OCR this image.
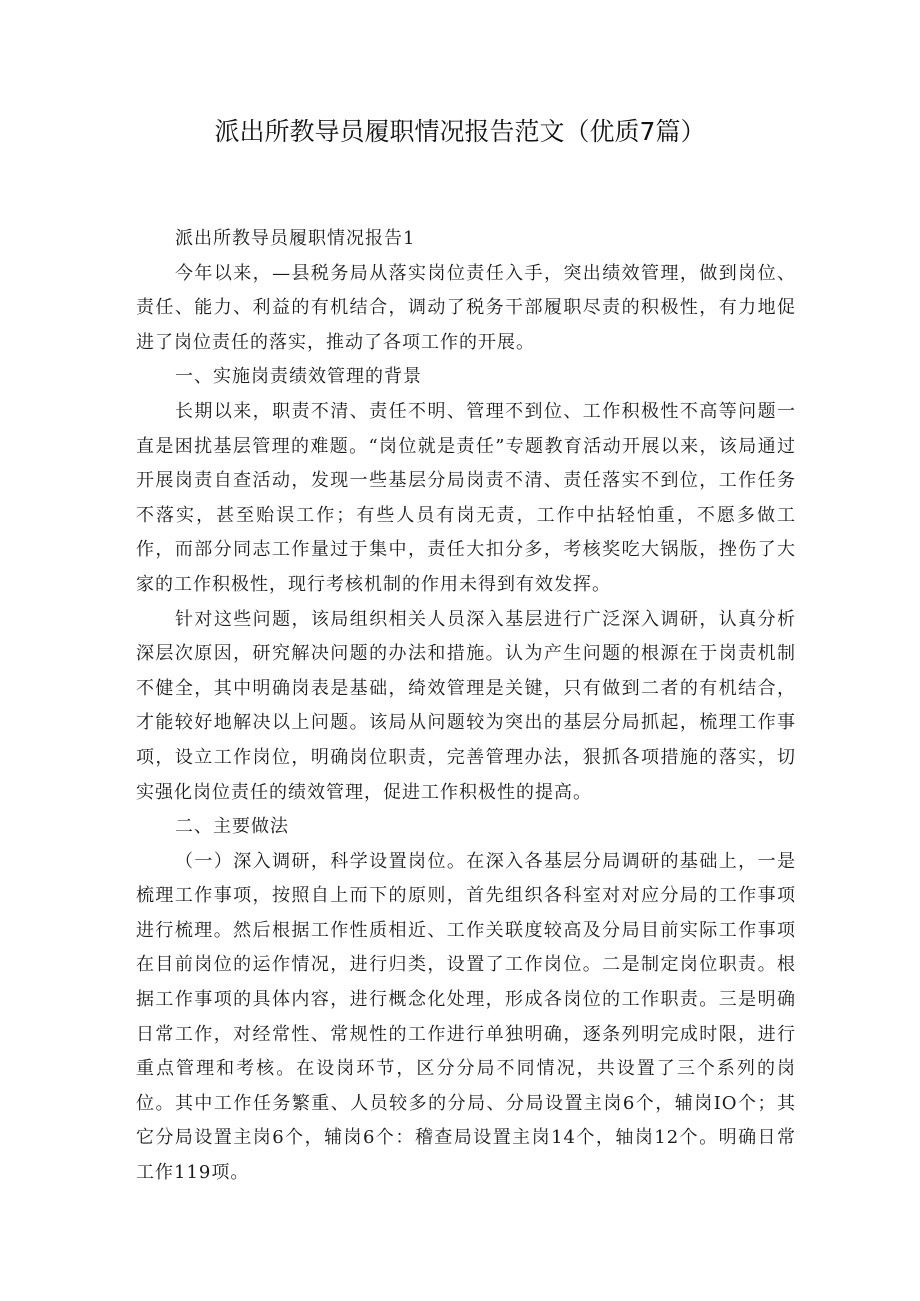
派出所教导员履职情况报告范文（优质7篇）

派出所教导员履职情况报告1

今年以来，—县税务局从落实岗位责任入手，突出绩效管理，做到岗位、责任、能力、利益的有机结合，调动了税务干部履职尽责的积极性，有力地促进了岗位责任的落实，推动了各项工作的开展。

一、实施岗责绩效管理的背景

长期以来，职责不清、责任不明、管理不到位、工作积极性不高等问题一直是困扰基层管理的难题。“岗位就是责任”专题教育活动开展以来，该局通过开展岗责自查活动，发现一些基层分局岗责不清、责任落实不到位，工作任务不落实，甚至贻误工作；有些人员有岗无责，工作中拈轻怕重，不愿多做工作，而部分同志工作量过于集中，责任大扣分多，考核奖吃大锅版，挫伤了大家的工作积极性，现行考核机制的作用未得到有效发挥。

针对这些问题，该局组织相关人员深入基层进行广泛深入调研，认真分析深层次原因，研究解决问题的办法和措施。认为产生问题的根源在于岗责机制不健全，其中明确岗表是基础，绮效管理是关键，只有做到二者的有机结合，才能较好地解决以上问题。该局从问题较为突出的基层分局抓起，梳理工作事项，设立工作岗位，明确岗位职责，完善管理办法，狠抓各项措施的落实，切实强化岗位责任的绩效管理，促进工作积极性的提高。

二、主要做法

（一）深入调研，科学设置岗位。在深入各基层分局调研的基础上，一是梳理工作事项，按照自上而下的原则，首先组织各科室对对应分局的工作事项进行梳理。然后根据工作性质相近、工作关联度较高及分局目前实际工作事项在目前岗位的运作情况，进行归类，设置了工作岗位。二是制定岗位职责。根据工作事项的具体内容，进行概念化处理，形成各岗位的工作职责。三是明确日常工作，对经常性、常规性的工作进行单独明确，逐条列明完成时限，进行重点管理和考核。在设岗环节，区分分局不同情况，共设置了三个系列的岗位。其中工作任务繁重、人员较多的分局、分局设置主岗6个，辅岗IO个；其它分局设置主岗6个，辅岗6个：稽查局设置主岗14个，轴岗12个。明确日常工作119项。
